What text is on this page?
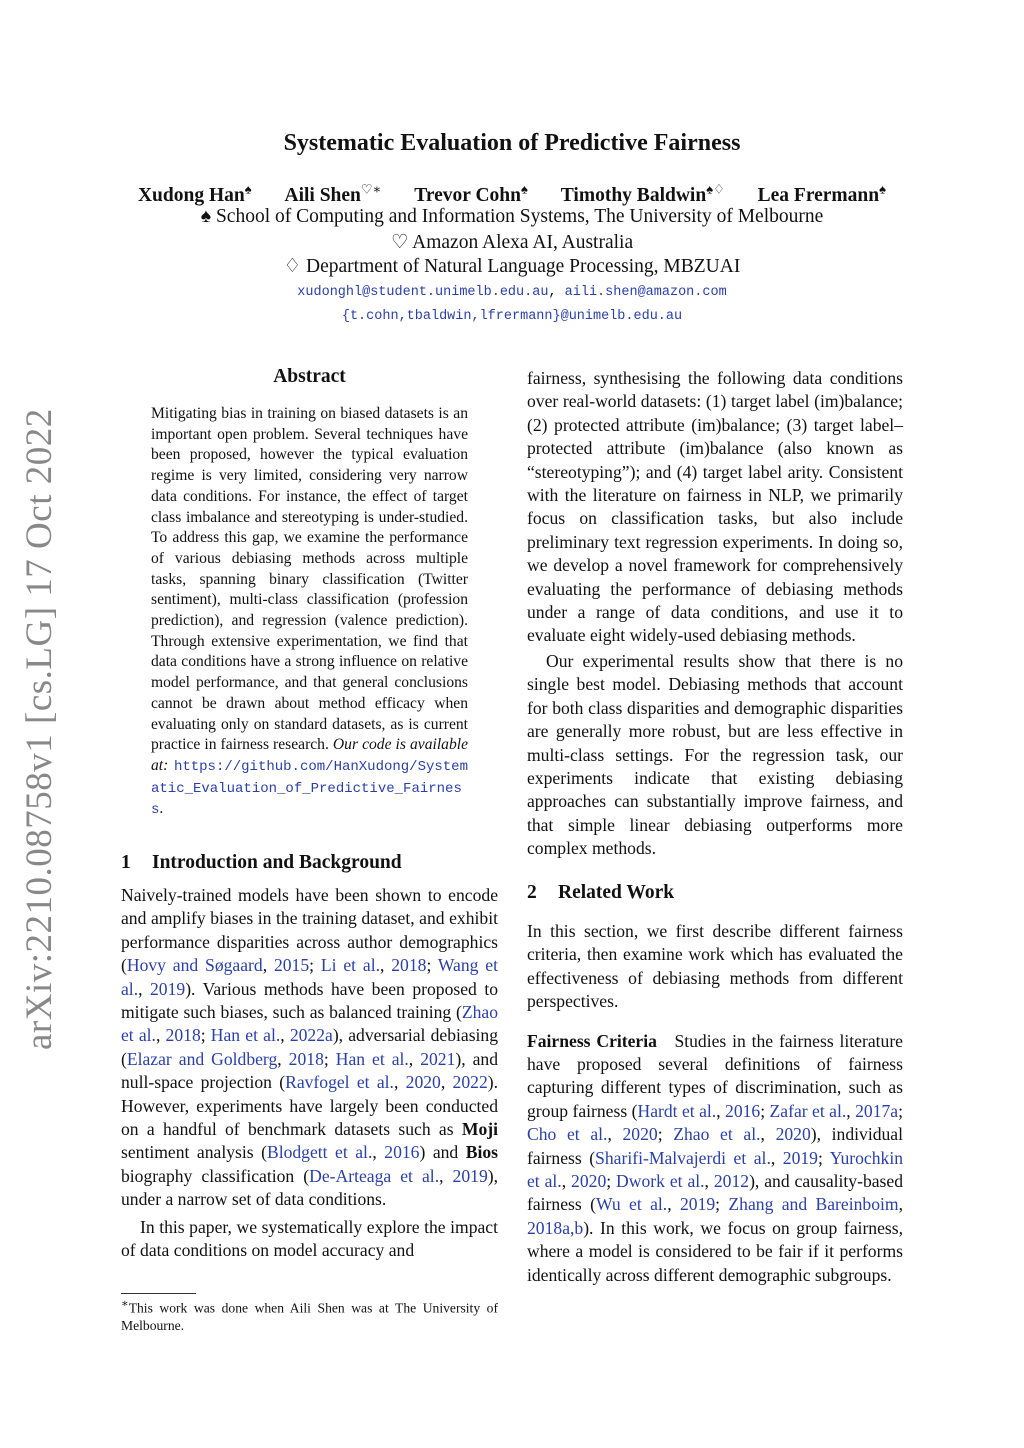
arXiv:2210.08758v1 [cs.LG] 17 Oct 2022
Systematic Evaluation of Predictive Fairness
Xudong Han♠ Aili Shen♡∗ Trevor Cohn♠ Timothy Baldwin♠♢ Lea Frermann♠
♠ School of Computing and Information Systems, The University of Melbourne
♡ Amazon Alexa AI, Australia
♢ Department of Natural Language Processing, MBZUAI
xudonghl@student.unimelb.edu.au, aili.shen@amazon.com
{t.cohn,tbaldwin,lfrermann}@unimelb.edu.au
Abstract

Mitigating bias in training on biased datasets is an important open problem. Several techniques have been proposed, however the typical evaluation regime is very limited, considering very narrow data conditions. For instance, the effect of target class imbalance and stereotyping is under-studied. To address this gap, we examine the performance of various debiasing methods across multiple tasks, spanning binary classification (Twitter sentiment), multi-class classification (profession prediction), and regression (valence prediction). Through extensive experimentation, we find that data conditions have a strong influence on relative model performance, and that general conclusions cannot be drawn about method efficacy when evaluating only on standard datasets, as is current practice in fairness research. Our code is available at: https://github.com/HanXudong/Systematic_Evaluation_of_Predictive_Fairness.

1 Introduction and Background

Naively-trained models have been shown to encode and amplify biases in the training dataset, and exhibit performance disparities across author demographics (Hovy and Søgaard, 2015; Li et al., 2018; Wang et al., 2019). Various methods have been proposed to mitigate such biases, such as balanced training (Zhao et al., 2018; Han et al., 2022a), adversarial debiasing (Elazar and Goldberg, 2018; Han et al., 2021), and null-space projection (Ravfogel et al., 2020, 2022). However, experiments have largely been conducted on a handful of benchmark datasets such as Moji sentiment analysis (Blodgett et al., 2016) and Bios biography classification (De-Arteaga et al., 2019), under a narrow set of data conditions.

In this paper, we systematically explore the impact of data conditions on model accuracy and

∗This work was done when Aili Shen was at The University of Melbourne.

fairness, synthesising the following data conditions over real-world datasets: (1) target label (im)balance; (2) protected attribute (im)balance; (3) target label–protected attribute (im)balance (also known as “stereotyping”); and (4) target label arity. Consistent with the literature on fairness in NLP, we primarily focus on classification tasks, but also include preliminary text regression experiments. In doing so, we develop a novel framework for comprehensively evaluating the performance of debiasing methods under a range of data conditions, and use it to evaluate eight widely-used debiasing methods.

Our experimental results show that there is no single best model. Debiasing methods that account for both class disparities and demographic disparities are generally more robust, but are less effective in multi-class settings. For the regression task, our experiments indicate that existing debiasing approaches can substantially improve fairness, and that simple linear debiasing outperforms more complex methods.

2 Related Work

In this section, we first describe different fairness criteria, then examine work which has evaluated the effectiveness of debiasing methods from different perspectives.

Fairness Criteria Studies in the fairness literature have proposed several definitions of fairness capturing different types of discrimination, such as group fairness (Hardt et al., 2016; Zafar et al., 2017a; Cho et al., 2020; Zhao et al., 2020), individual fairness (Sharifi-Malvajerdi et al., 2019; Yurochkin et al., 2020; Dwork et al., 2012), and causality-based fairness (Wu et al., 2019; Zhang and Bareinboim, 2018a,b). In this work, we focus on group fairness, where a model is considered to be fair if it performs identically across different demographic subgroups.
